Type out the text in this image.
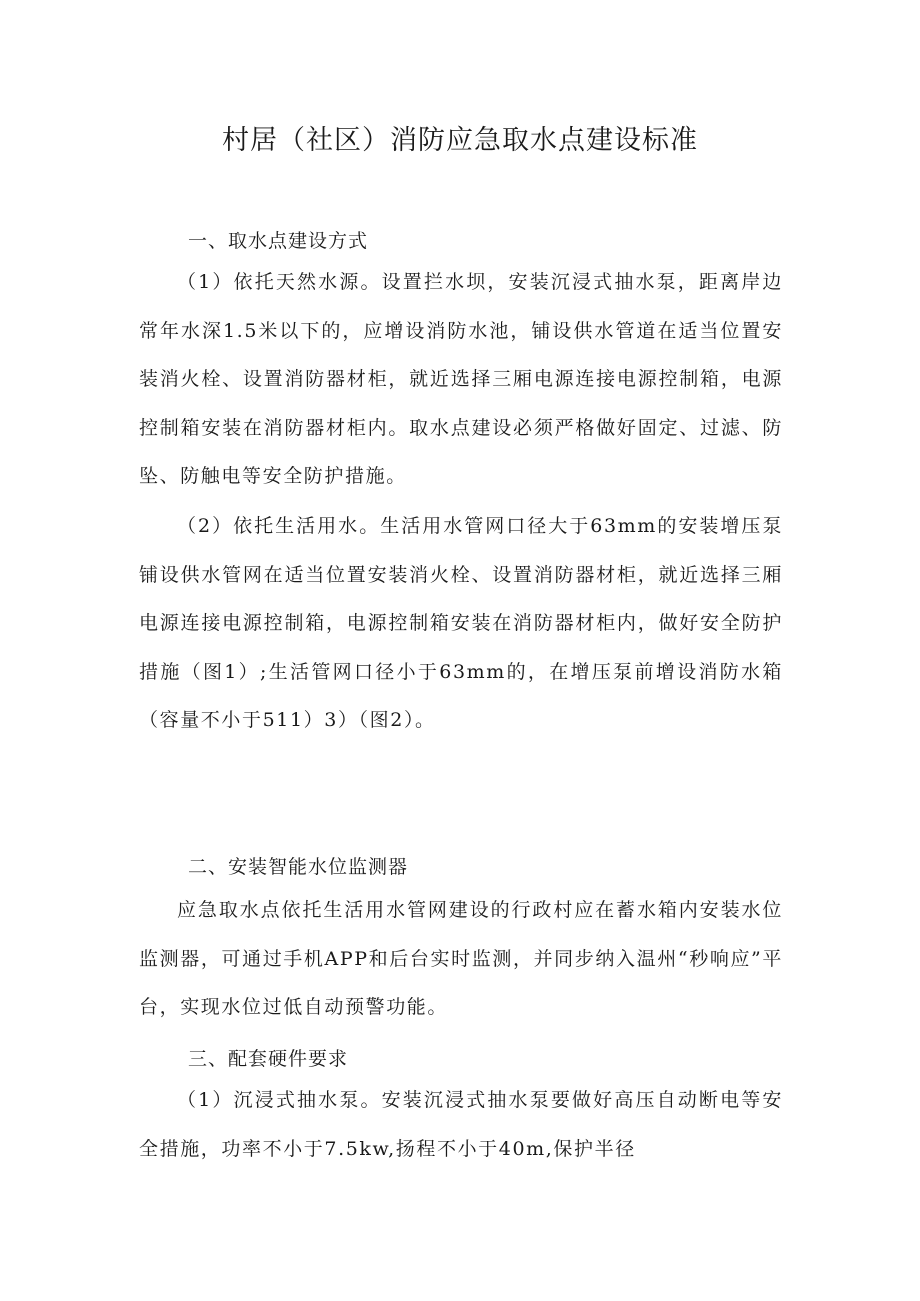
村居（社区）消防应急取水点建设标准
一、取水点建设方式

（1）依托天然水源。设置拦水坝，安装沉浸式抽水泵，距离岸边常年水深1.5米以下的，应增设消防水池，铺设供水管道在适当位置安装消火栓、设置消防器材柜，就近选择三厢电源连接电源控制箱，电源控制箱安装在消防器材柜内。取水点建设必须严格做好固定、过滤、防坠、防触电等安全防护措施。

（2）依托生活用水。生活用水管网口径大于63mm的安装增压泵铺设供水管网在适当位置安装消火栓、设置消防器材柜，就近选择三厢电源连接电源控制箱，电源控制箱安装在消防器材柜内，做好安全防护措施（图1）;生活管网口径小于63mm的，在增压泵前增设消防水箱（容量不小于511）3）（图2）。

二、安装智能水位监测器

应急取水点依托生活用水管网建设的行政村应在蓄水箱内安装水位监测器，可通过手机APP和后台实时监测，并同步纳入温州“秒响应”平台，实现水位过低自动预警功能。

三、配套硬件要求

（1）沉浸式抽水泵。安装沉浸式抽水泵要做好高压自动断电等安全措施，功率不小于7.5kw,扬程不小于40m,保护半径
